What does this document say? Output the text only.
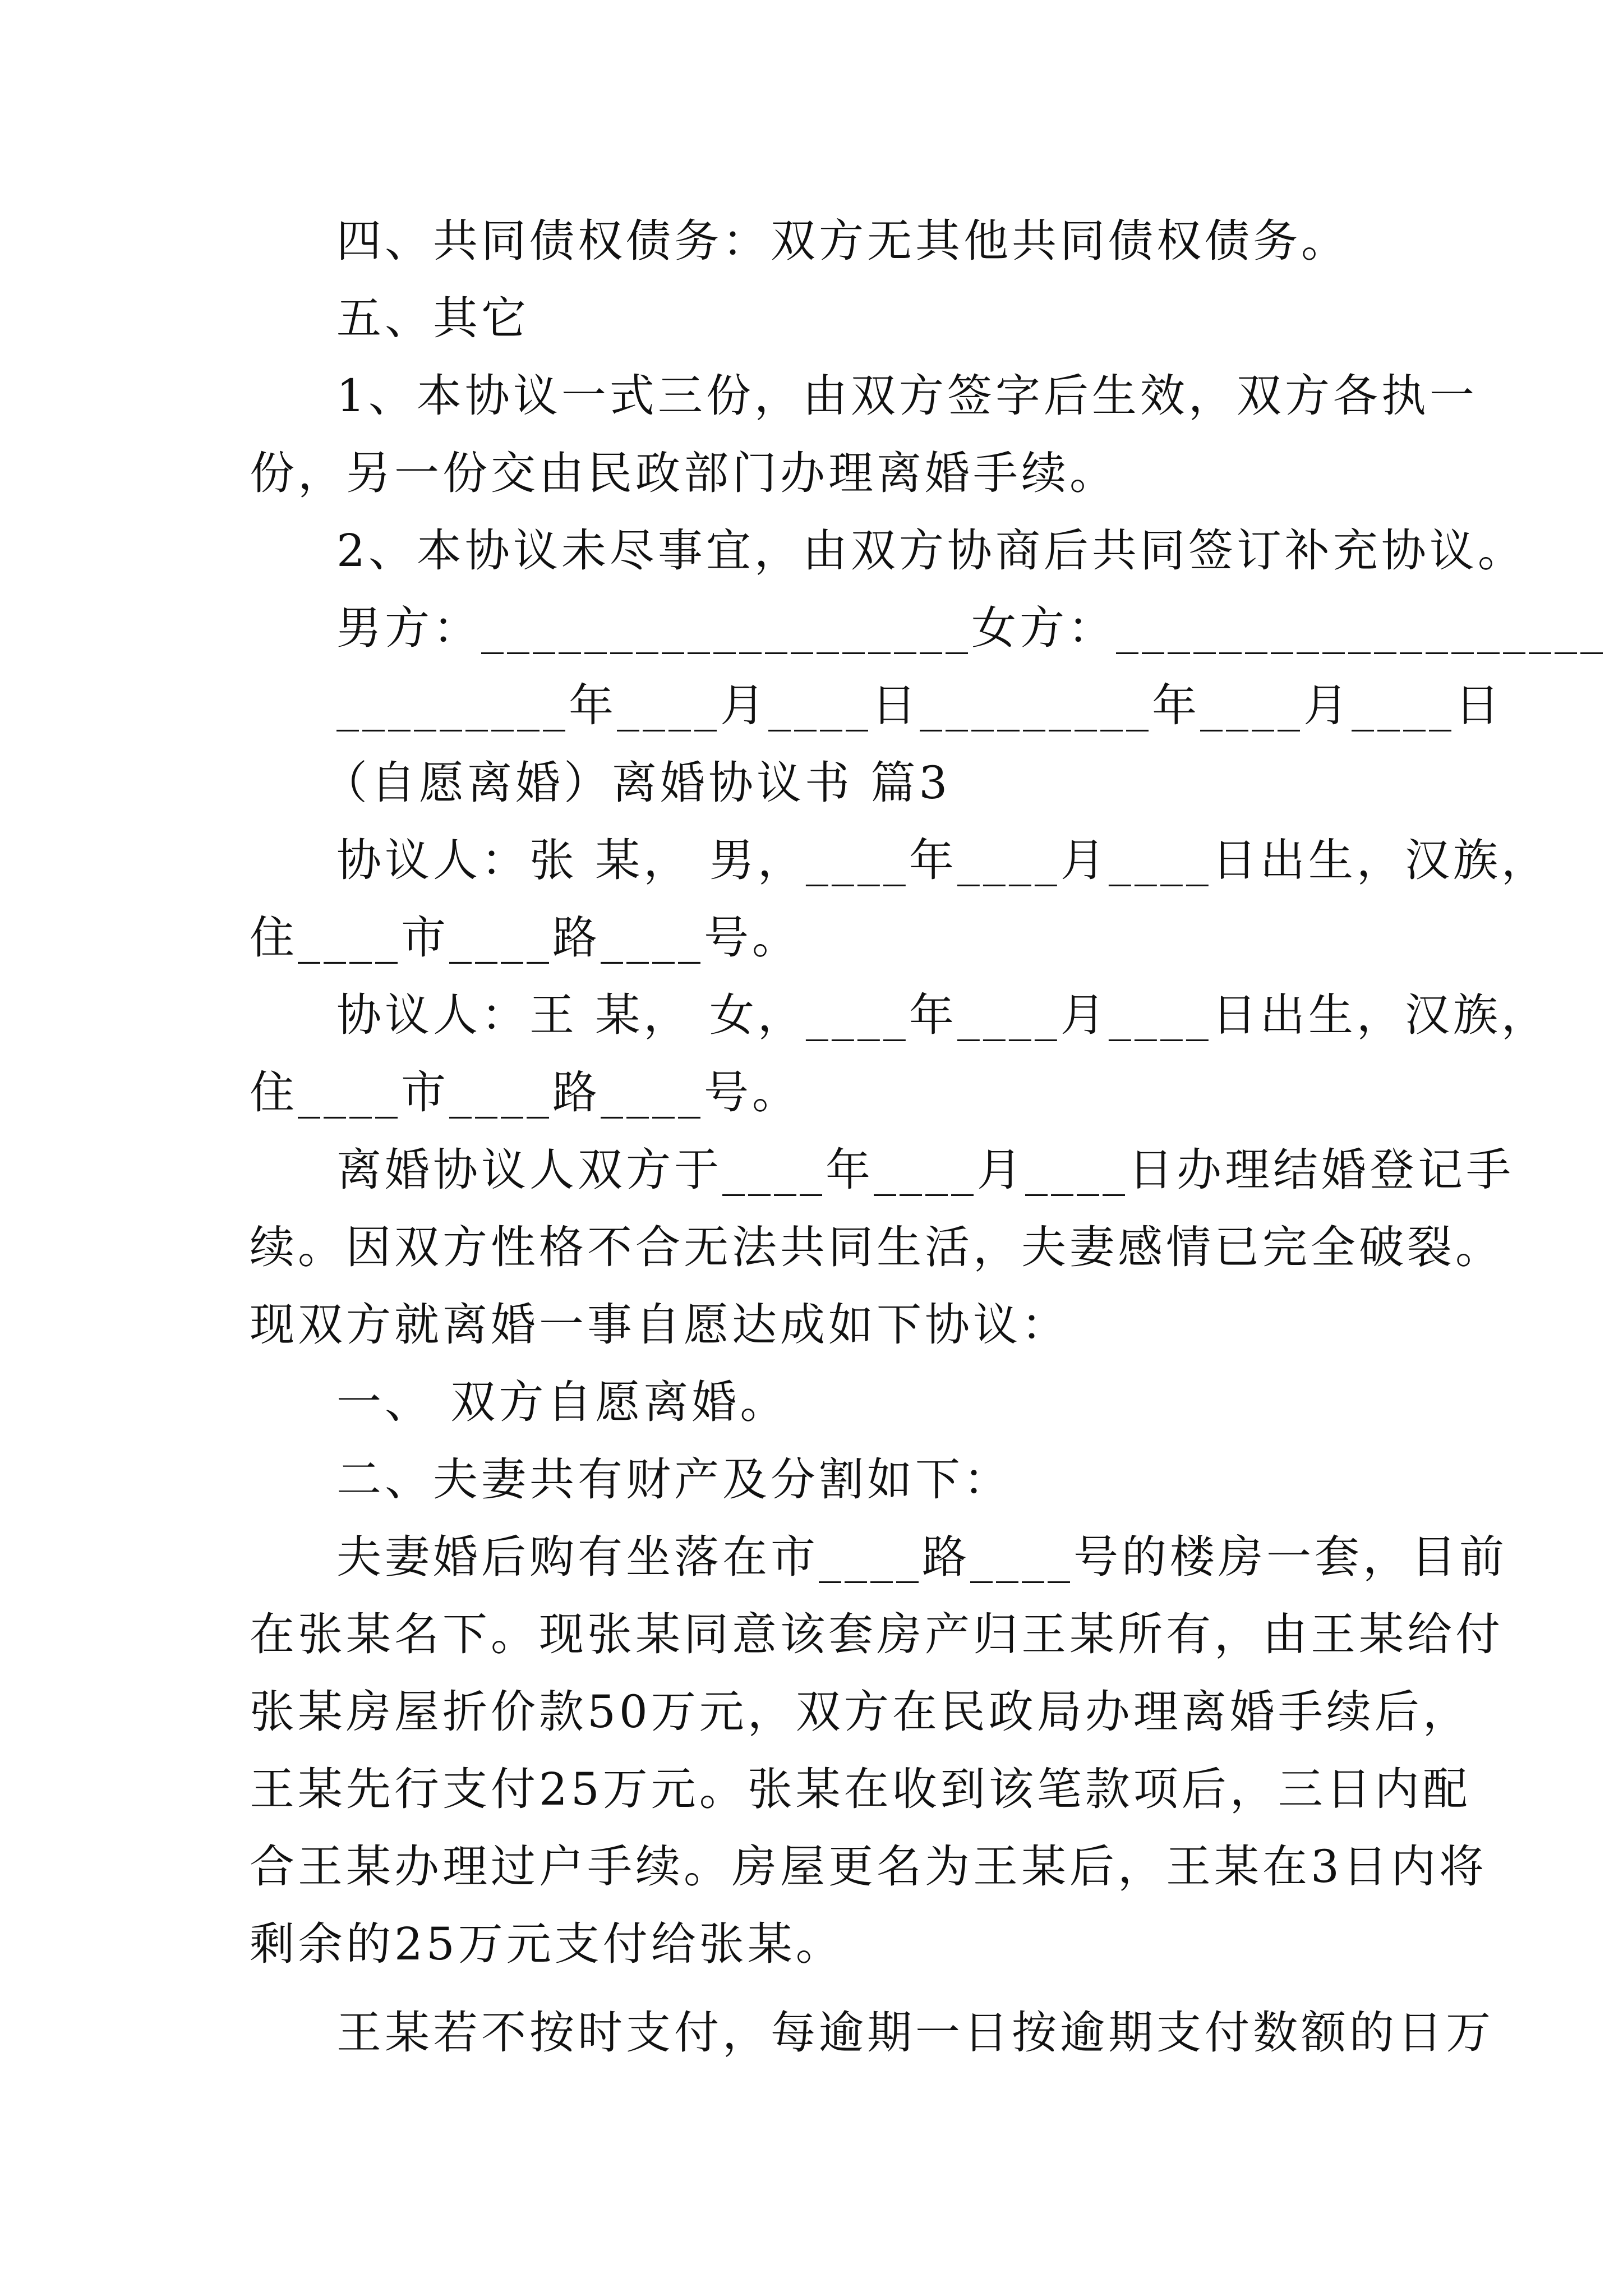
四、共同债权债务：双方无其他共同债权债务。
五、其它
1、本协议一式三份，由双方签字后生效，双方各执一
份，另一份交由民政部门办理离婚手续。
2、本协议未尽事宜，由双方协商后共同签订补充协议。
男方：___________________女方：___________________
_________年____月____日_________年____月____日
（自愿离婚）离婚协议书 篇3
协议人：张 某， 男，____年____月____日出生，汉族，
住____市____路____号。
协议人：王 某， 女，____年____月____日出生，汉族，
住____市____路____号。
离婚协议人双方于____年____月____日办理结婚登记手
续。因双方性格不合无法共同生活，夫妻感情已完全破裂。
现双方就离婚一事自愿达成如下协议：
一、 双方自愿离婚。
二、夫妻共有财产及分割如下：
夫妻婚后购有坐落在市____路____号的楼房一套，目前
在张某名下。现张某同意该套房产归王某所有，由王某给付
张某房屋折价款50万元，双方在民政局办理离婚手续后，
王某先行支付25万元。张某在收到该笔款项后，三日内配
合王某办理过户手续。房屋更名为王某后，王某在3日内将
剩余的25万元支付给张某。
王某若不按时支付，每逾期一日按逾期支付数额的日万
